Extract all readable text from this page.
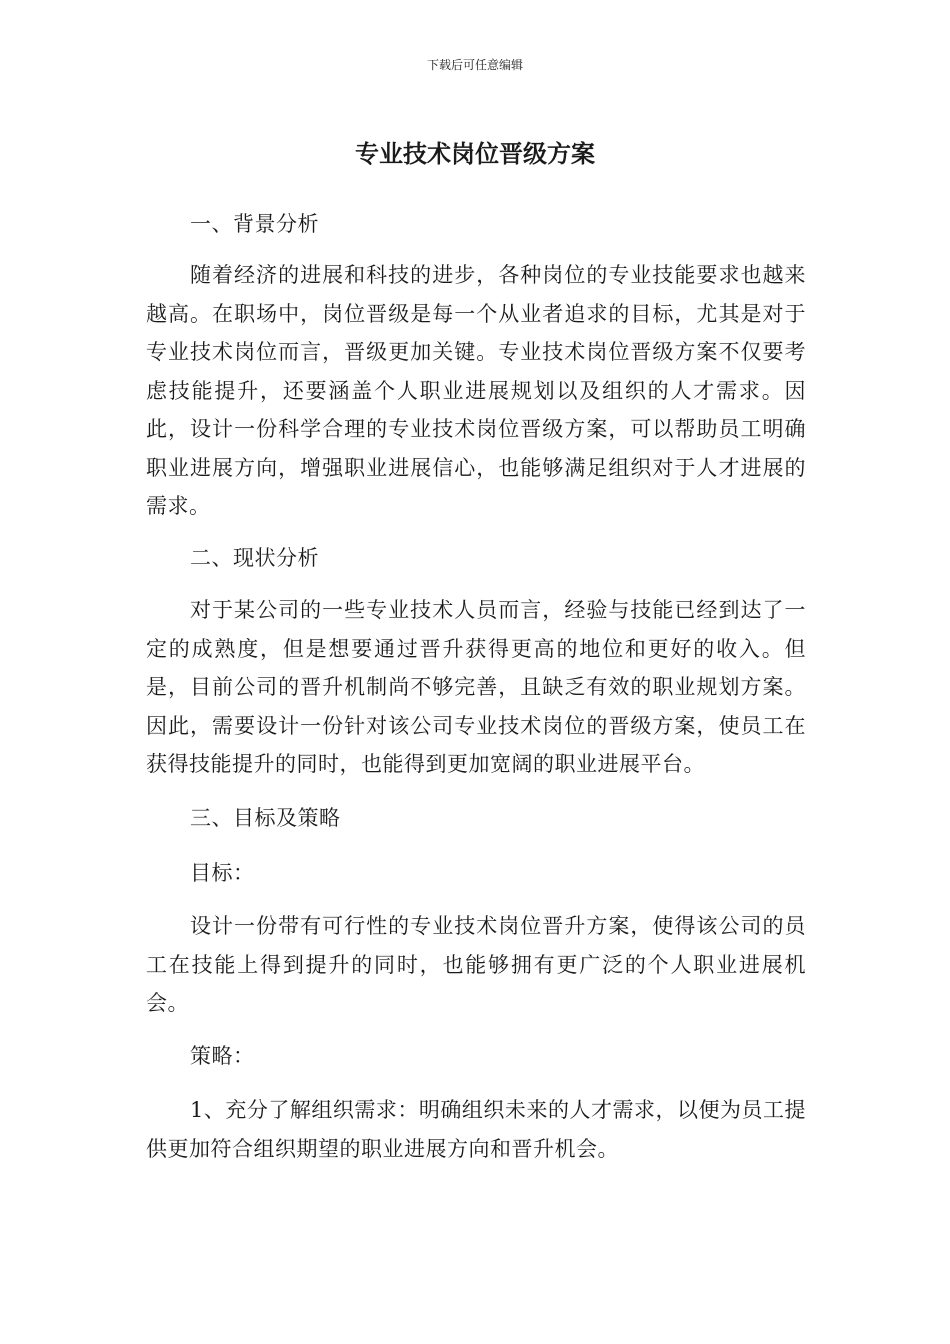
下载后可任意编辑
专业技术岗位晋级方案

一、背景分析

随着经济的进展和科技的进步，各种岗位的专业技能要求也越来越高。在职场中，岗位晋级是每一个从业者追求的目标，尤其是对于专业技术岗位而言，晋级更加关键。专业技术岗位晋级方案不仅要考虑技能提升，还要涵盖个人职业进展规划以及组织的人才需求。因此，设计一份科学合理的专业技术岗位晋级方案，可以帮助员工明确职业进展方向，增强职业进展信心，也能够满足组织对于人才进展的需求。

二、现状分析

对于某公司的一些专业技术人员而言，经验与技能已经到达了一定的成熟度，但是想要通过晋升获得更高的地位和更好的收入。但是，目前公司的晋升机制尚不够完善，且缺乏有效的职业规划方案。因此，需要设计一份针对该公司专业技术岗位的晋级方案，使员工在获得技能提升的同时，也能得到更加宽阔的职业进展平台。

三、目标及策略

目标：

设计一份带有可行性的专业技术岗位晋升方案，使得该公司的员工在技能上得到提升的同时，也能够拥有更广泛的个人职业进展机会。

策略：

1、充分了解组织需求：明确组织未来的人才需求，以便为员工提供更加符合组织期望的职业进展方向和晋升机会。
